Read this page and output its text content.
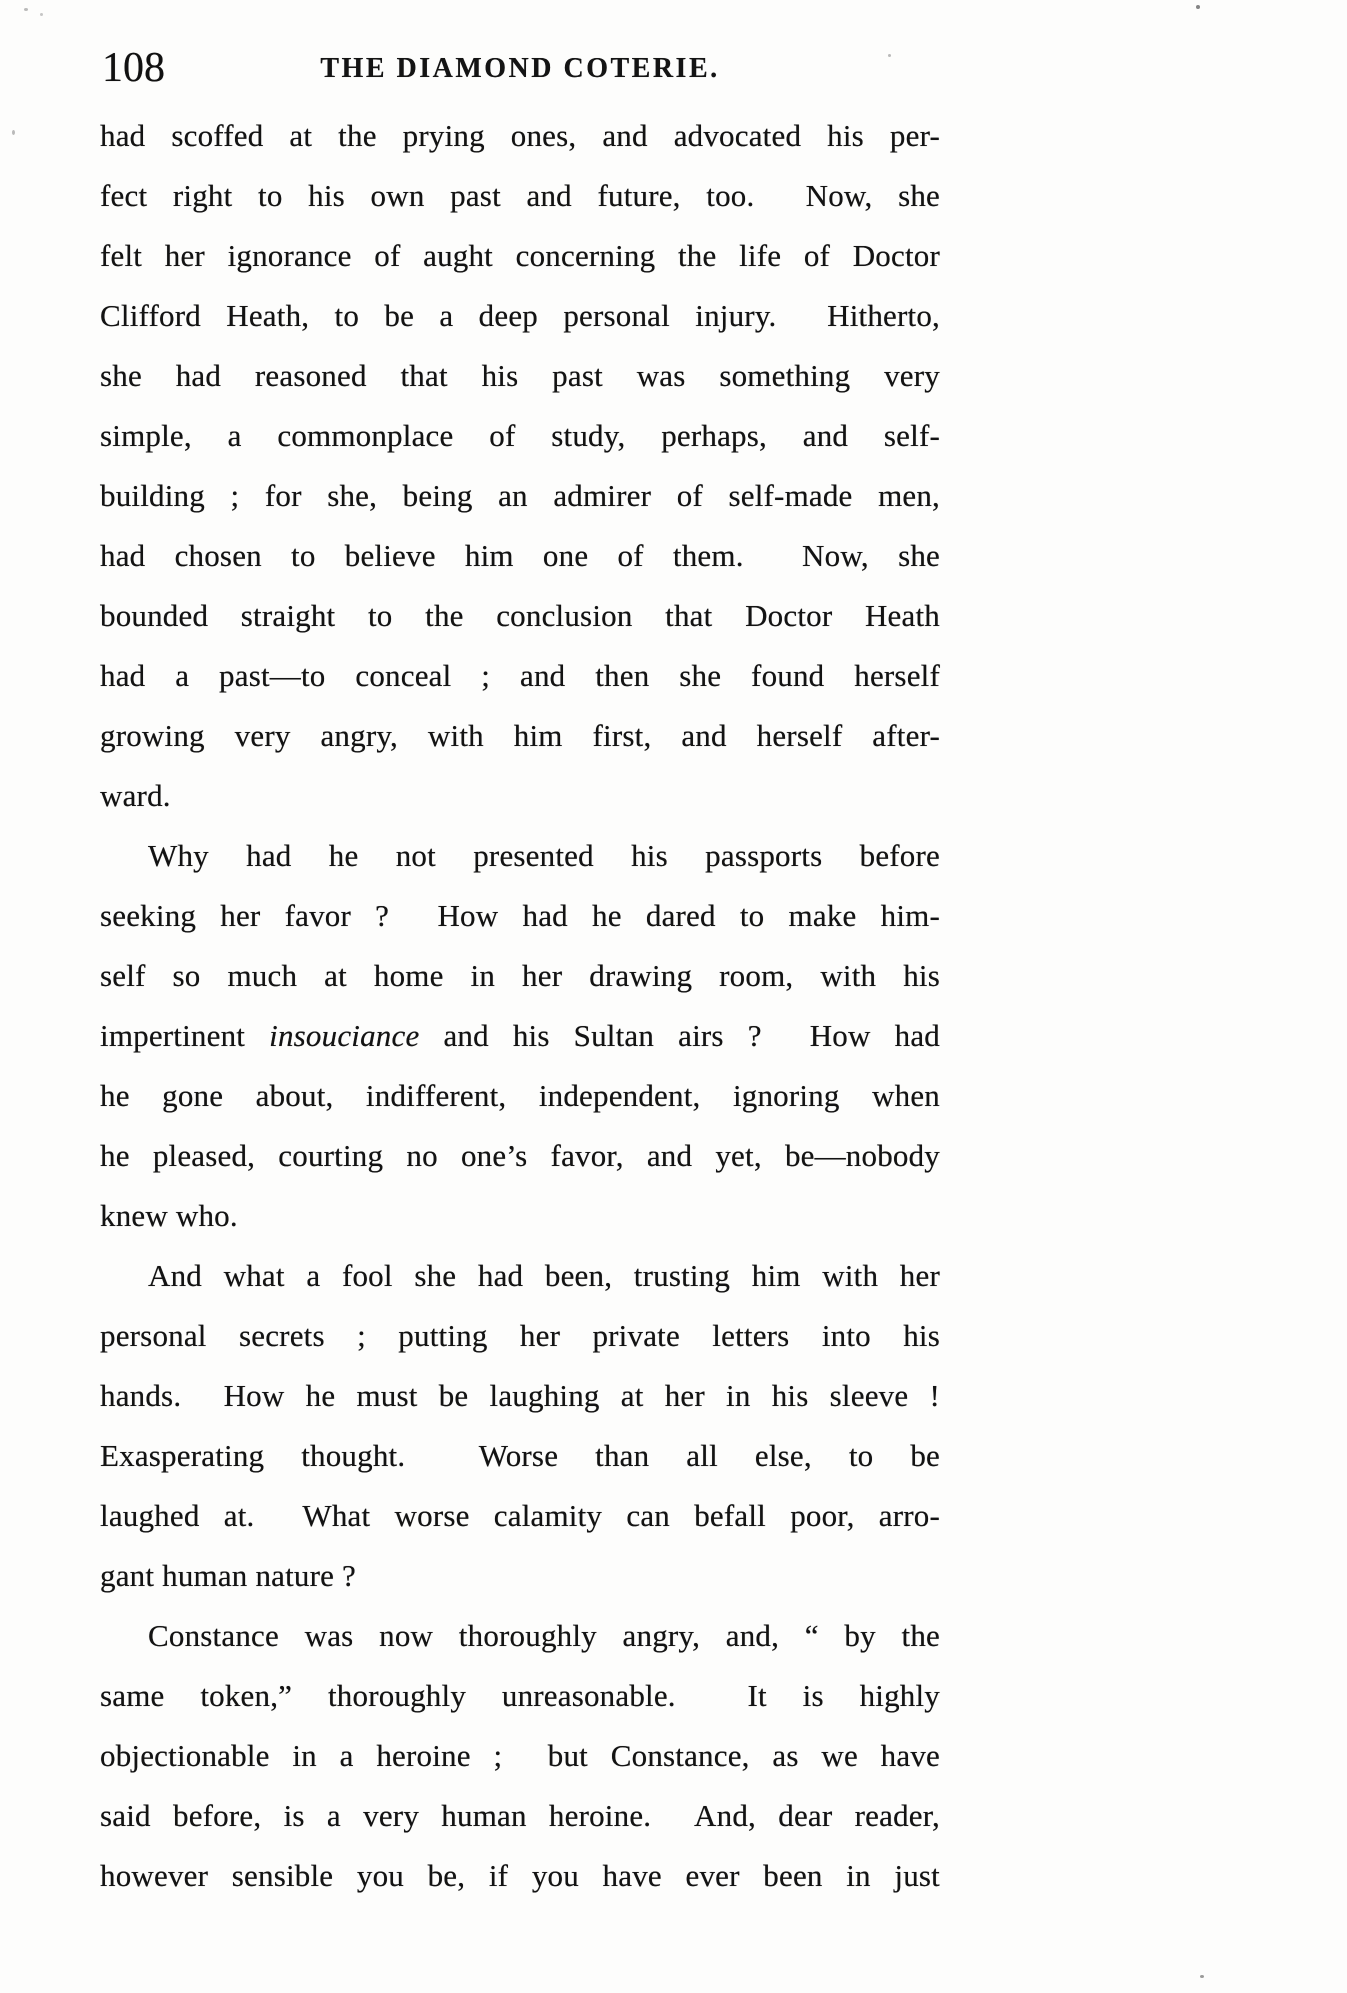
108	THE DIAMOND COTERIE.
had scoffed at the prying ones, and advocated his per-
fect right to his own past and future, too.  Now, she
felt her ignorance of aught concerning the life of Doctor
Clifford Heath, to be a deep personal injury.  Hitherto,
she had reasoned that his past was something very
simple, a commonplace of study, perhaps, and self-
building ; for she, being an admirer of self-made men,
had chosen to believe him one of them.  Now, she
bounded straight to the conclusion that Doctor Heath
had a past—to conceal ; and then she found herself
growing very angry, with him first, and herself after-
ward.
Why had he not presented his passports before
seeking her favor ?  How had he dared to make him-
self so much at home in her drawing room, with his
impertinent insouciance and his Sultan airs ?  How had
he gone about, indifferent, independent, ignoring when
he pleased, courting no one’s favor, and yet, be—nobody
knew who.
And what a fool she had been, trusting him with her
personal secrets ; putting her private letters into his
hands.  How he must be laughing at her in his sleeve !
Exasperating thought.  Worse than all else, to be
laughed at.  What worse calamity can befall poor, arro-
gant human nature ?
Constance was now thoroughly angry, and, “ by the
same token,” thoroughly unreasonable.  It is highly
objectionable in a heroine ;  but Constance, as we have
said before, is a very human heroine.  And, dear reader,
however sensible you be, if you have ever been in just
